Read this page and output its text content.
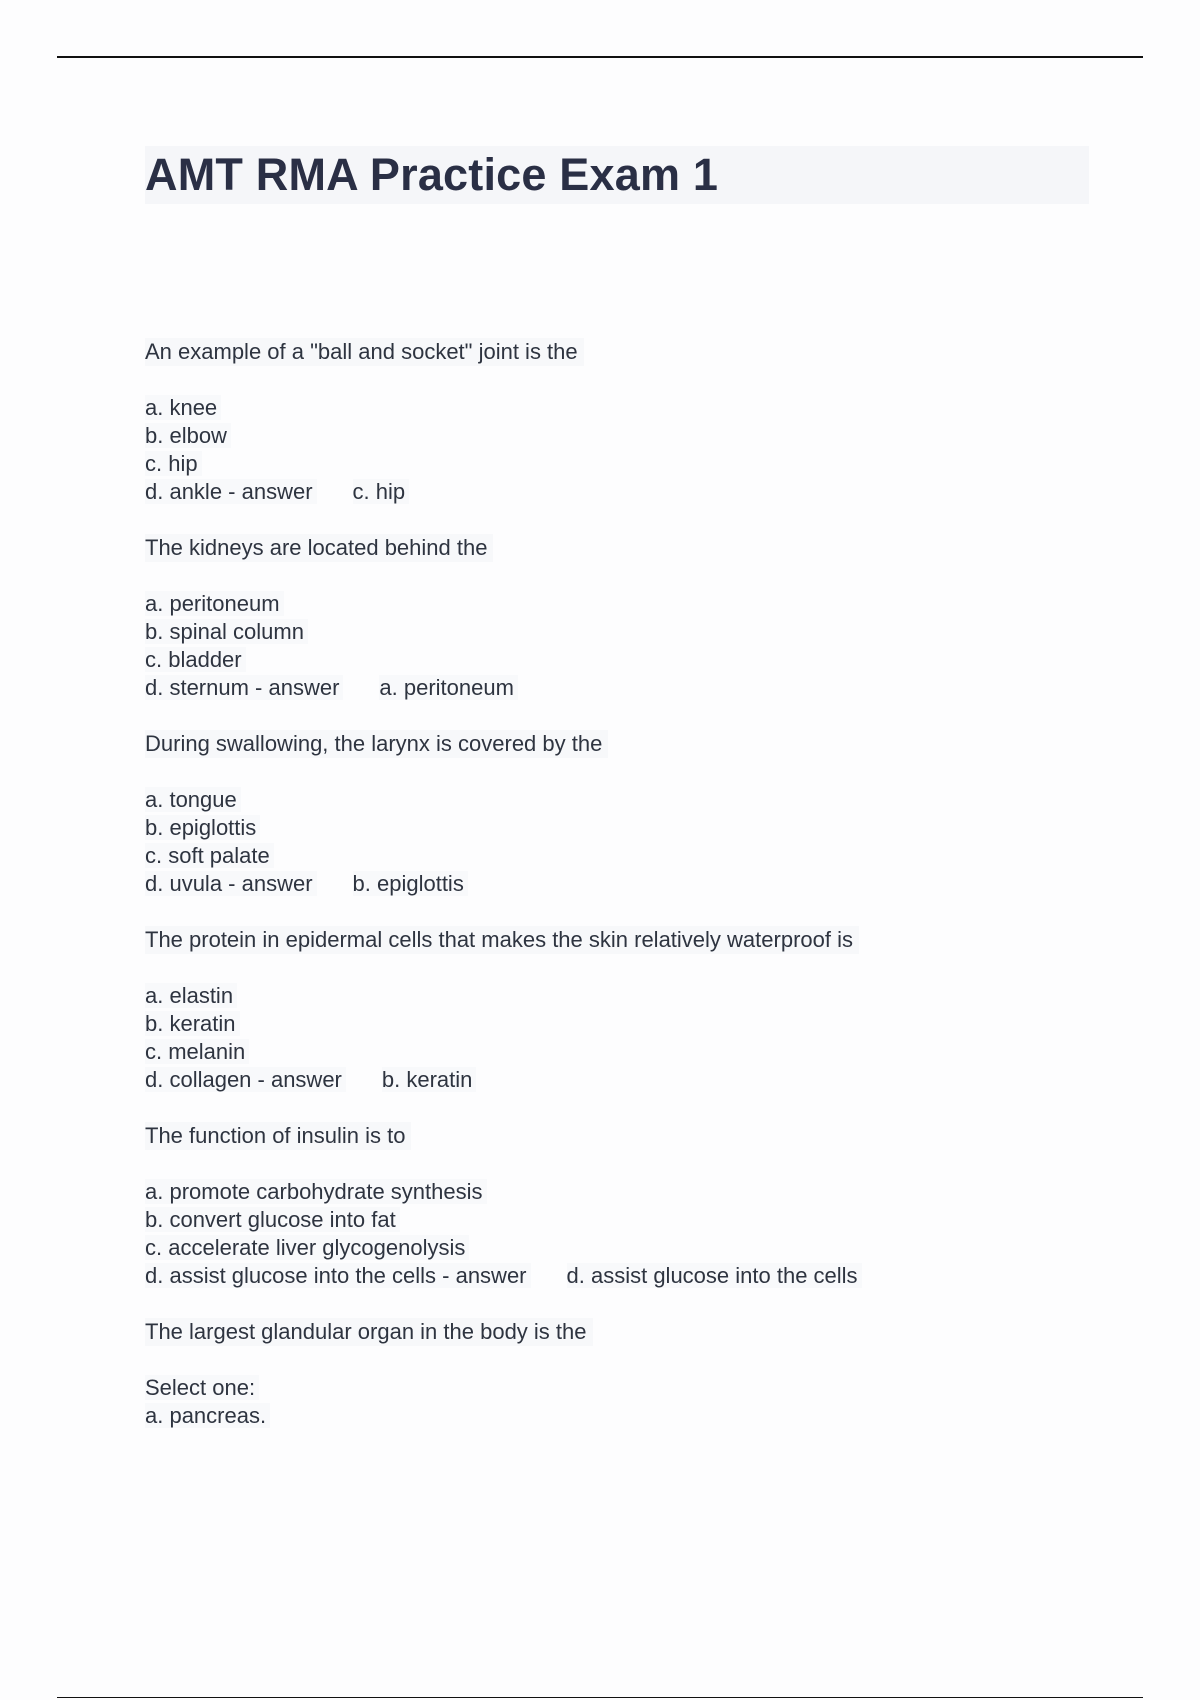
AMT RMA Practice Exam 1
An example of a "ball and socket" joint is the
a. knee
b. elbow
c. hip
d. ankle - answer c. hip
The kidneys are located behind the
a. peritoneum
b. spinal column
c. bladder
d. sternum - answer a. peritoneum
During swallowing, the larynx is covered by the
a. tongue
b. epiglottis
c. soft palate
d. uvula - answer b. epiglottis
The protein in epidermal cells that makes the skin relatively waterproof is
a. elastin
b. keratin
c. melanin
d. collagen - answer b. keratin
The function of insulin is to
a. promote carbohydrate synthesis
b. convert glucose into fat
c. accelerate liver glycogenolysis
d. assist glucose into the cells - answer d. assist glucose into the cells
The largest glandular organ in the body is the
Select one:
a. pancreas.
